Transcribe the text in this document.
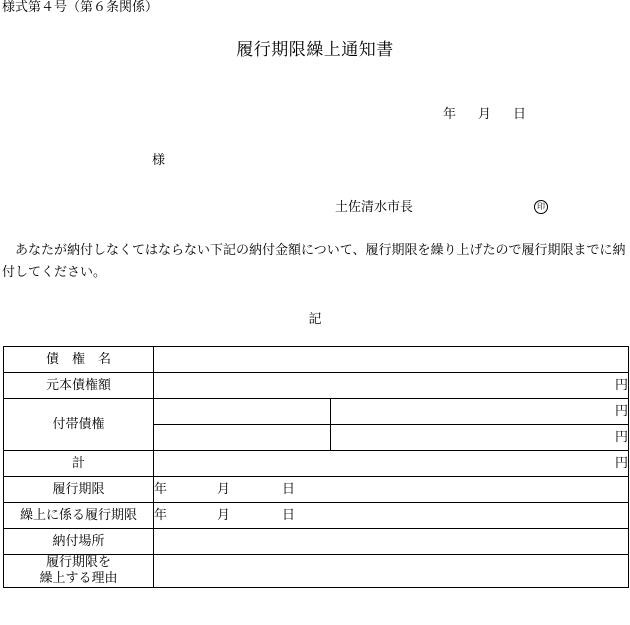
様式第４号（第６条関係）
履行期限繰上通知書
年 月 日
様
土佐清水市長	印
あなたが納付しなくてはならない下記の納付金額について、履行期限を繰り上げたので履行期限までに納付してください。
記
債　権　名		
元本債権額	円	
付帯債権		円
		円
計	円	
履行期限	年 月 日	
繰上に係る履行期限	年 月 日	
納付場所		

履行期限を
繰上する理由		
